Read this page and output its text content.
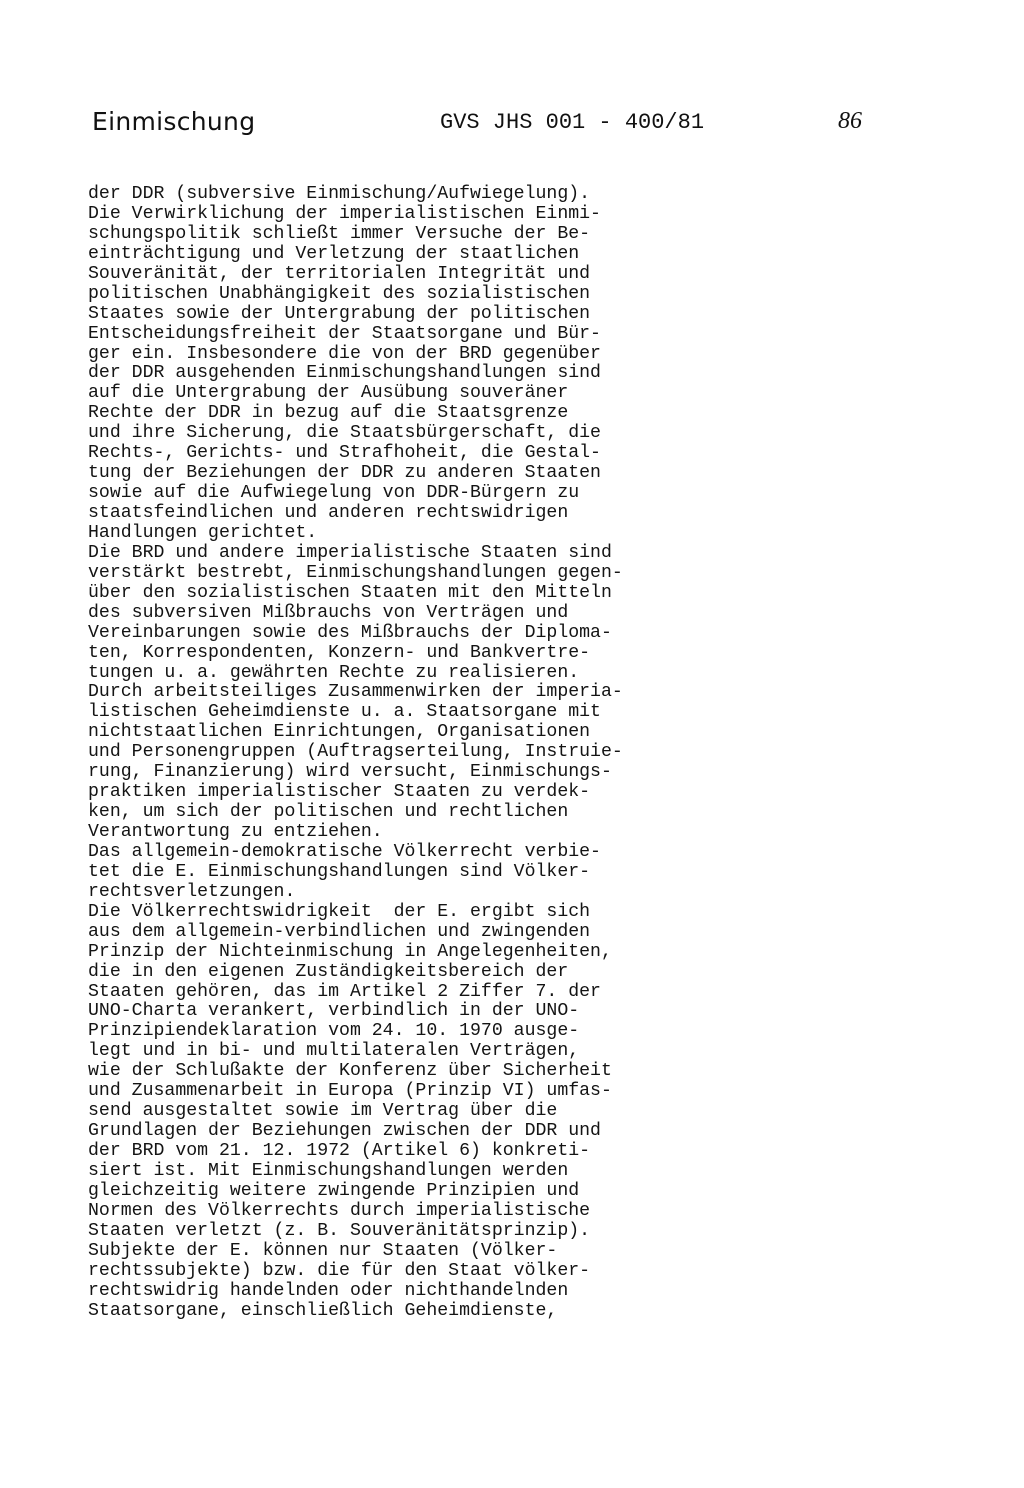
Einmischung	GVS JHS 001 - 400/81	86
der DDR (subversive Einmischung/Aufwiegelung).
Die Verwirklichung der imperialistischen Einmi-
schungspolitik schließt immer Versuche der Be-
einträchtigung und Verletzung der staatlichen
Souveränität, der territorialen Integrität und
politischen Unabhängigkeit des sozialistischen
Staates sowie der Untergrabung der politischen
Entscheidungsfreiheit der Staatsorgane und Bür-
ger ein. Insbesondere die von der BRD gegenüber
der DDR ausgehenden Einmischungshandlungen sind
auf die Untergrabung der Ausübung souveräner
Rechte der DDR in bezug auf die Staatsgrenze
und ihre Sicherung, die Staatsbürgerschaft, die
Rechts-, Gerichts- und Strafhoheit, die Gestal-
tung der Beziehungen der DDR zu anderen Staaten
sowie auf die Aufwiegelung von DDR-Bürgern zu
staatsfeindlichen und anderen rechtswidrigen
Handlungen gerichtet.
Die BRD und andere imperialistische Staaten sind
verstärkt bestrebt, Einmischungshandlungen gegen-
über den sozialistischen Staaten mit den Mitteln
des subversiven Mißbrauchs von Verträgen und
Vereinbarungen sowie des Mißbrauchs der Diploma-
ten, Korrespondenten, Konzern- und Bankvertre-
tungen u. a. gewährten Rechte zu realisieren.
Durch arbeitsteiliges Zusammenwirken der imperia-
listischen Geheimdienste u. a. Staatsorgane mit
nichtstaatlichen Einrichtungen, Organisationen
und Personengruppen (Auftragserteilung, Instruie-
rung, Finanzierung) wird versucht, Einmischungs-
praktiken imperialistischer Staaten zu verdek-
ken, um sich der politischen und rechtlichen
Verantwortung zu entziehen.
Das allgemein-demokratische Völkerrecht verbie-
tet die E. Einmischungshandlungen sind Völker-
rechtsverletzungen.
Die Völkerrechtswidrigkeit  der E. ergibt sich
aus dem allgemein-verbindlichen und zwingenden
Prinzip der Nichteinmischung in Angelegenheiten,
die in den eigenen Zuständigkeitsbereich der
Staaten gehören, das im Artikel 2 Ziffer 7. der
UNO-Charta verankert, verbindlich in der UNO-
Prinzipiendeklaration vom 24. 10. 1970 ausge-
legt und in bi- und multilateralen Verträgen,
wie der Schlußakte der Konferenz über Sicherheit
und Zusammenarbeit in Europa (Prinzip VI) umfas-
send ausgestaltet sowie im Vertrag über die
Grundlagen der Beziehungen zwischen der DDR und
der BRD vom 21. 12. 1972 (Artikel 6) konkreti-
siert ist. Mit Einmischungshandlungen werden
gleichzeitig weitere zwingende Prinzipien und
Normen des Völkerrechts durch imperialistische
Staaten verletzt (z. B. Souveränitätsprinzip).
Subjekte der E. können nur Staaten (Völker-
rechtssubjekte) bzw. die für den Staat völker-
rechtswidrig handelnden oder nichthandelnden
Staatsorgane, einschließlich Geheimdienste,
